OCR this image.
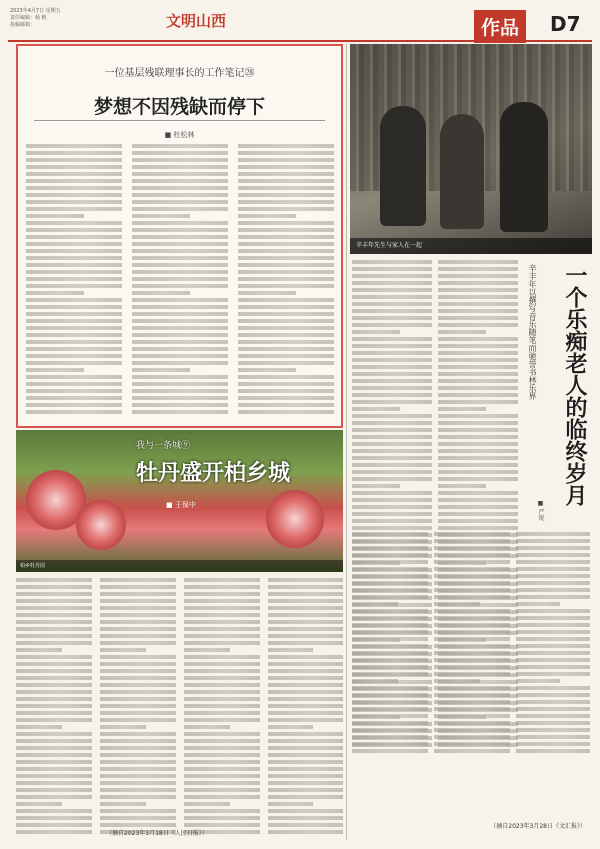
2023年4月7日 星期五
责任编辑：杨 帆
投稿邮箱：	文明山西	作品	D7
一位基层残联理事长的工作笔记㉘
梦想不因残缺而停下
■ 杜松林
辛丰年先生与家人在一起
辛丰年以撰写音乐随笔而驰誉书林乐界	一个乐痴老人的临终岁月
■ 严锐
（摘自2023年3月28日《文汇报》）
我与一条城⑨
牡丹盛开柏乡城
■ 王保中
柏乡牡丹园
（摘自2023年3月18日《人民日报》）
